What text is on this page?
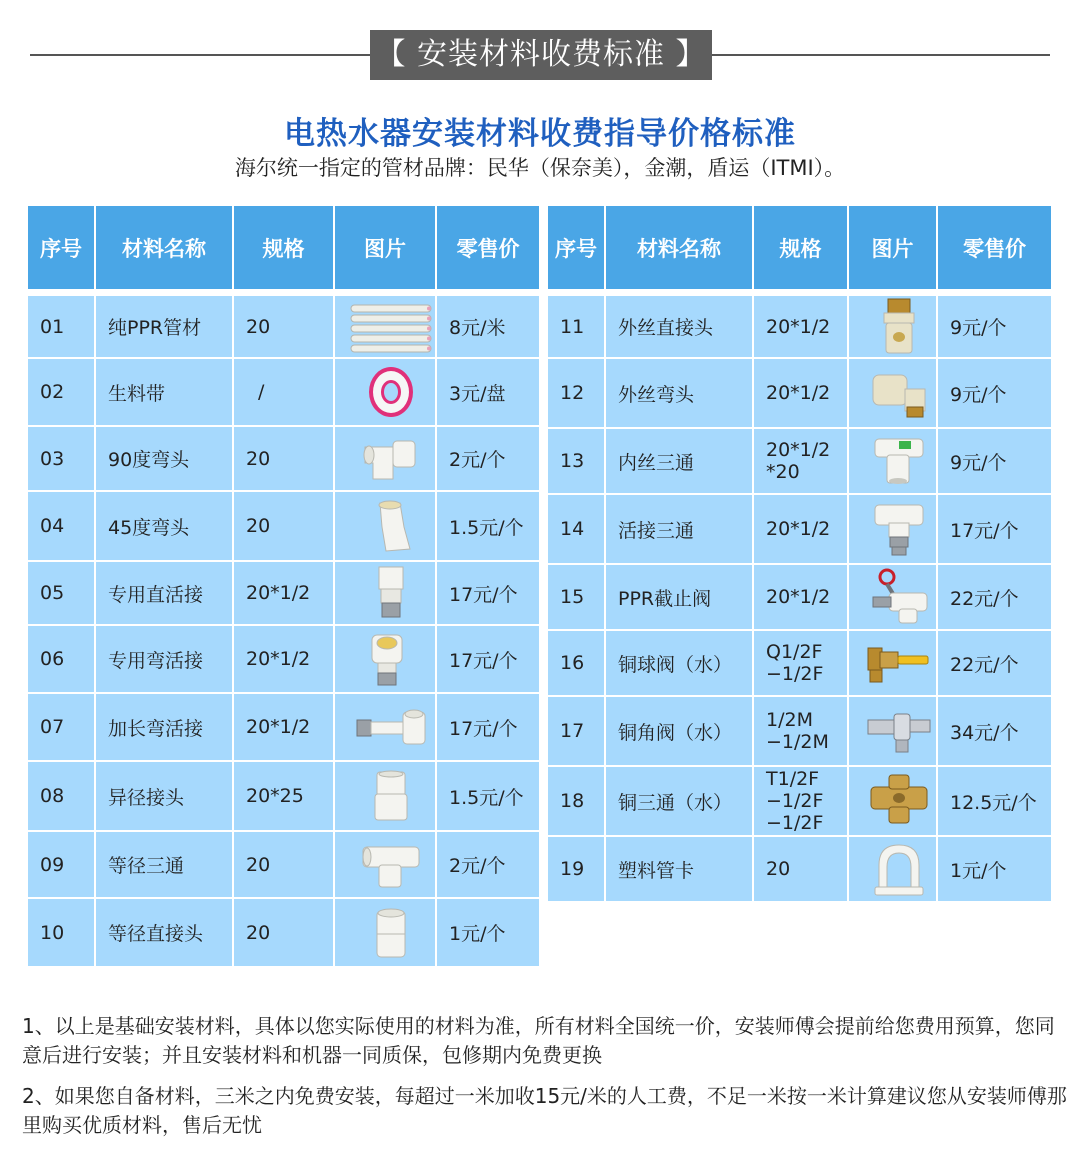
【 安装材料收费标准 】
电热水器安装材料收费指导价格标准
海尔统一指定的管材品牌：民华（保奈美），金潮，盾运（ITMI）。
序号	材料名称	规格	图片	零售价
01	纯PPR管材	20		8元/米
02	生料带	/		3元/盘
03	90度弯头	20		2元/个
04	45度弯头	20		1.5元/个
05	专用直活接	20*1/2		17元/个
06	专用弯活接	20*1/2		17元/个
07	加长弯活接	20*1/2		17元/个
08	异径接头	20*25		1.5元/个
09	等径三通	20		2元/个
10	等径直接头	20		1元/个
序号	材料名称	规格	图片	零售价
11	外丝直接头	20*1/2		9元/个
12	外丝弯头	20*1/2		9元/个
13	内丝三通	20*1/2
*20		9元/个
14	活接三通	20*1/2		17元/个
15	PPR截止阀	20*1/2		22元/个
16	铜球阀（水）	Q1/2F
−1/2F		22元/个
17	铜角阀（水）	1/2M
−1/2M		34元/个
18	铜三通（水）	T1/2F
−1/2F
−1/2F		12.5元/个
19	塑料管卡	20		1元/个

1、以上是基础安装材料，具体以您实际使用的材料为准，所有材料全国统一价，安装师傅会提前给您费用预算，您同意后进行安装；并且安装材料和机器一同质保，包修期内免费更换

2、如果您自备材料，三米之内免费安装，每超过一米加收15元/米的人工费，不足一米按一米计算建议您从安装师傅那里购买优质材料，售后无忧
